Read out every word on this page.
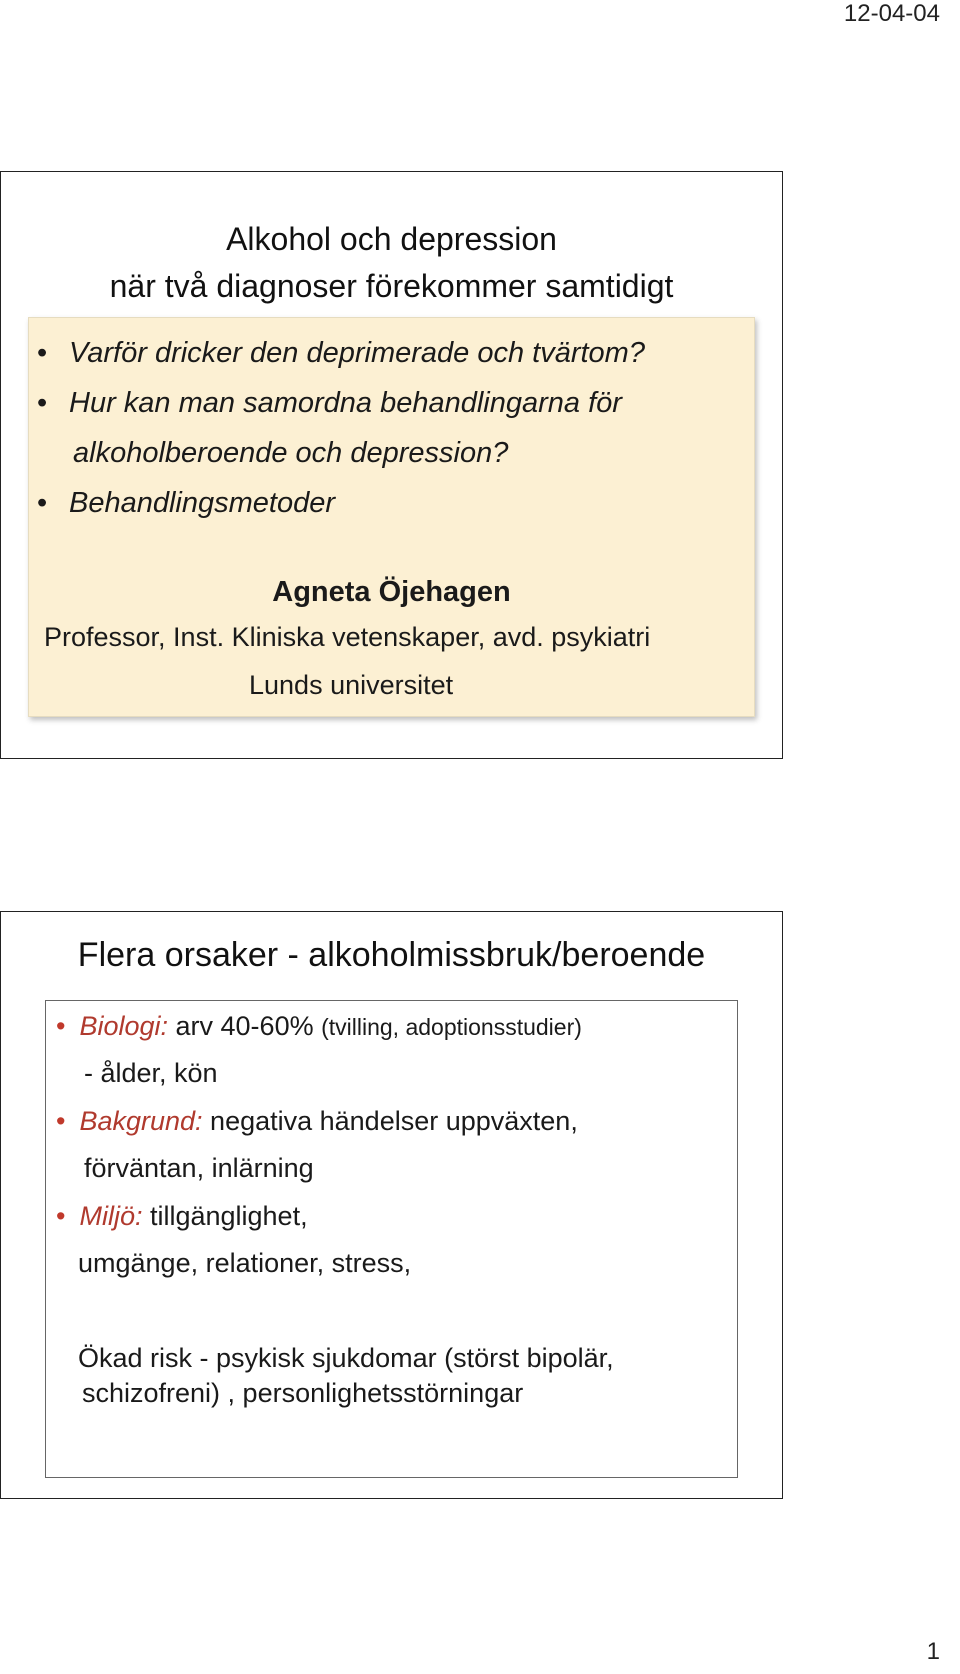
12-04-04
Alkohol och depression
när två diagnoser förekommer samtidigt
• Varför dricker den deprimerade och tvärtom?
• Hur kan man samordna behandlingarna för
alkoholberoende och depression?
• Behandlingsmetoder
Agneta Öjehagen
Professor, Inst. Kliniska vetenskaper, avd. psykiatri
Lunds universitet
Flera orsaker - alkoholmissbruk/beroende
• Biologi: arv 40-60% (tvilling, adoptionsstudier)
- ålder, kön
• Bakgrund: negativa händelser uppväxten,
förväntan, inlärning
• Miljö: tillgänglighet,
umgänge, relationer, stress,
Ökad risk - psykisk sjukdomar (störst bipolär,
schizofreni) , personlighetsstörningar
1
